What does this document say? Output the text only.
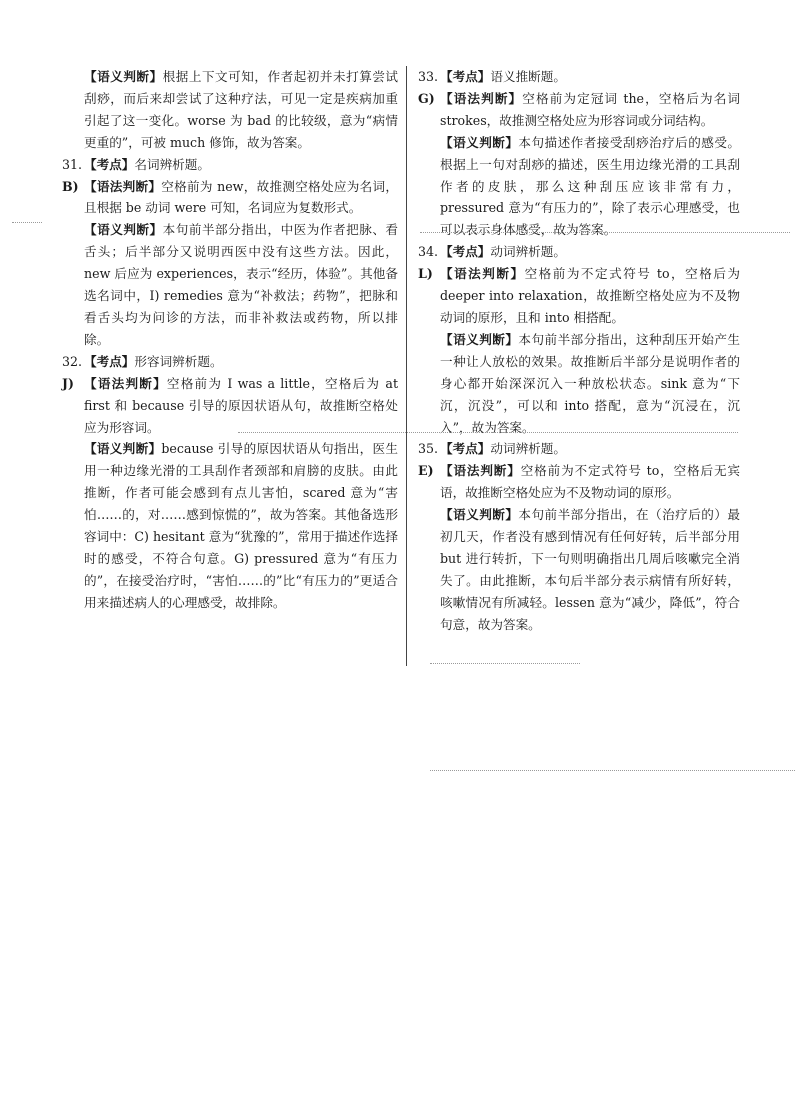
【语义判断】根据上下文可知，作者起初并未打算尝试刮痧，而后来却尝试了这种疗法，可见一定是疾病加重引起了这一变化。worse 为 bad 的比较级，意为“病情更重的”，可被 much 修饰，故为答案。

31. 【考点】名词辨析题。

B) 【语法判断】空格前为 new，故推测空格处应为名词，且根据 be 动词 were 可知，名词应为复数形式。

【语义判断】本句前半部分指出，中医为作者把脉、看舌头；后半部分又说明西医中没有这些方法。因此，new 后应为 experiences，表示“经历，体验”。其他备选名词中，I) remedies 意为“补救法；药物”，把脉和看舌头均为问诊的方法，而非补救法或药物，所以排除。

32. 【考点】形容词辨析题。

J) 【语法判断】空格前为 I was a little，空格后为 at first 和 because 引导的原因状语从句，故推断空格处应为形容词。

【语义判断】because 引导的原因状语从句指出，医生用一种边缘光滑的工具刮作者颈部和肩膀的皮肤。由此推断，作者可能会感到有点儿害怕，scared 意为“害怕……的，对……感到惊慌的”，故为答案。其他备选形容词中：C) hesitant 意为“犹豫的”，常用于描述作选择时的感受，不符合句意。G) pressured 意为“有压力的”，在接受治疗时，“害怕……的”比“有压力的”更适合用来描述病人的心理感受，故排除。

33. 【考点】语义推断题。

G) 【语法判断】空格前为定冠词 the，空格后为名词 strokes，故推测空格处应为形容词或分词结构。

【语义判断】本句描述作者接受刮痧治疗后的感受。根据上一句对刮痧的描述，医生用边缘光滑的工具刮作者的皮肤，那么这种刮压应该非常有力，pressured 意为“有压力的”，除了表示心理感受，也可以表示身体感受，故为答案。

34. 【考点】动词辨析题。

L) 【语法判断】空格前为不定式符号 to，空格后为 deeper into relaxation，故推断空格处应为不及物动词的原形，且和 into 相搭配。

【语义判断】本句前半部分指出，这种刮压开始产生一种让人放松的效果。故推断后半部分是说明作者的身心都开始深深沉入一种放松状态。sink 意为“下沉，沉没”，可以和 into 搭配，意为“沉浸在，沉入”，故为答案。

35. 【考点】动词辨析题。

E) 【语法判断】空格前为不定式符号 to，空格后无宾语，故推断空格处应为不及物动词的原形。

【语义判断】本句前半部分指出，在（治疗后的）最初几天，作者没有感到情况有任何好转，后半部分用 but 进行转折，下一句则明确指出几周后咳嗽完全消失了。由此推断，本句后半部分表示病情有所好转，咳嗽情况有所减轻。lessen 意为“减少，降低”，符合句意，故为答案。
